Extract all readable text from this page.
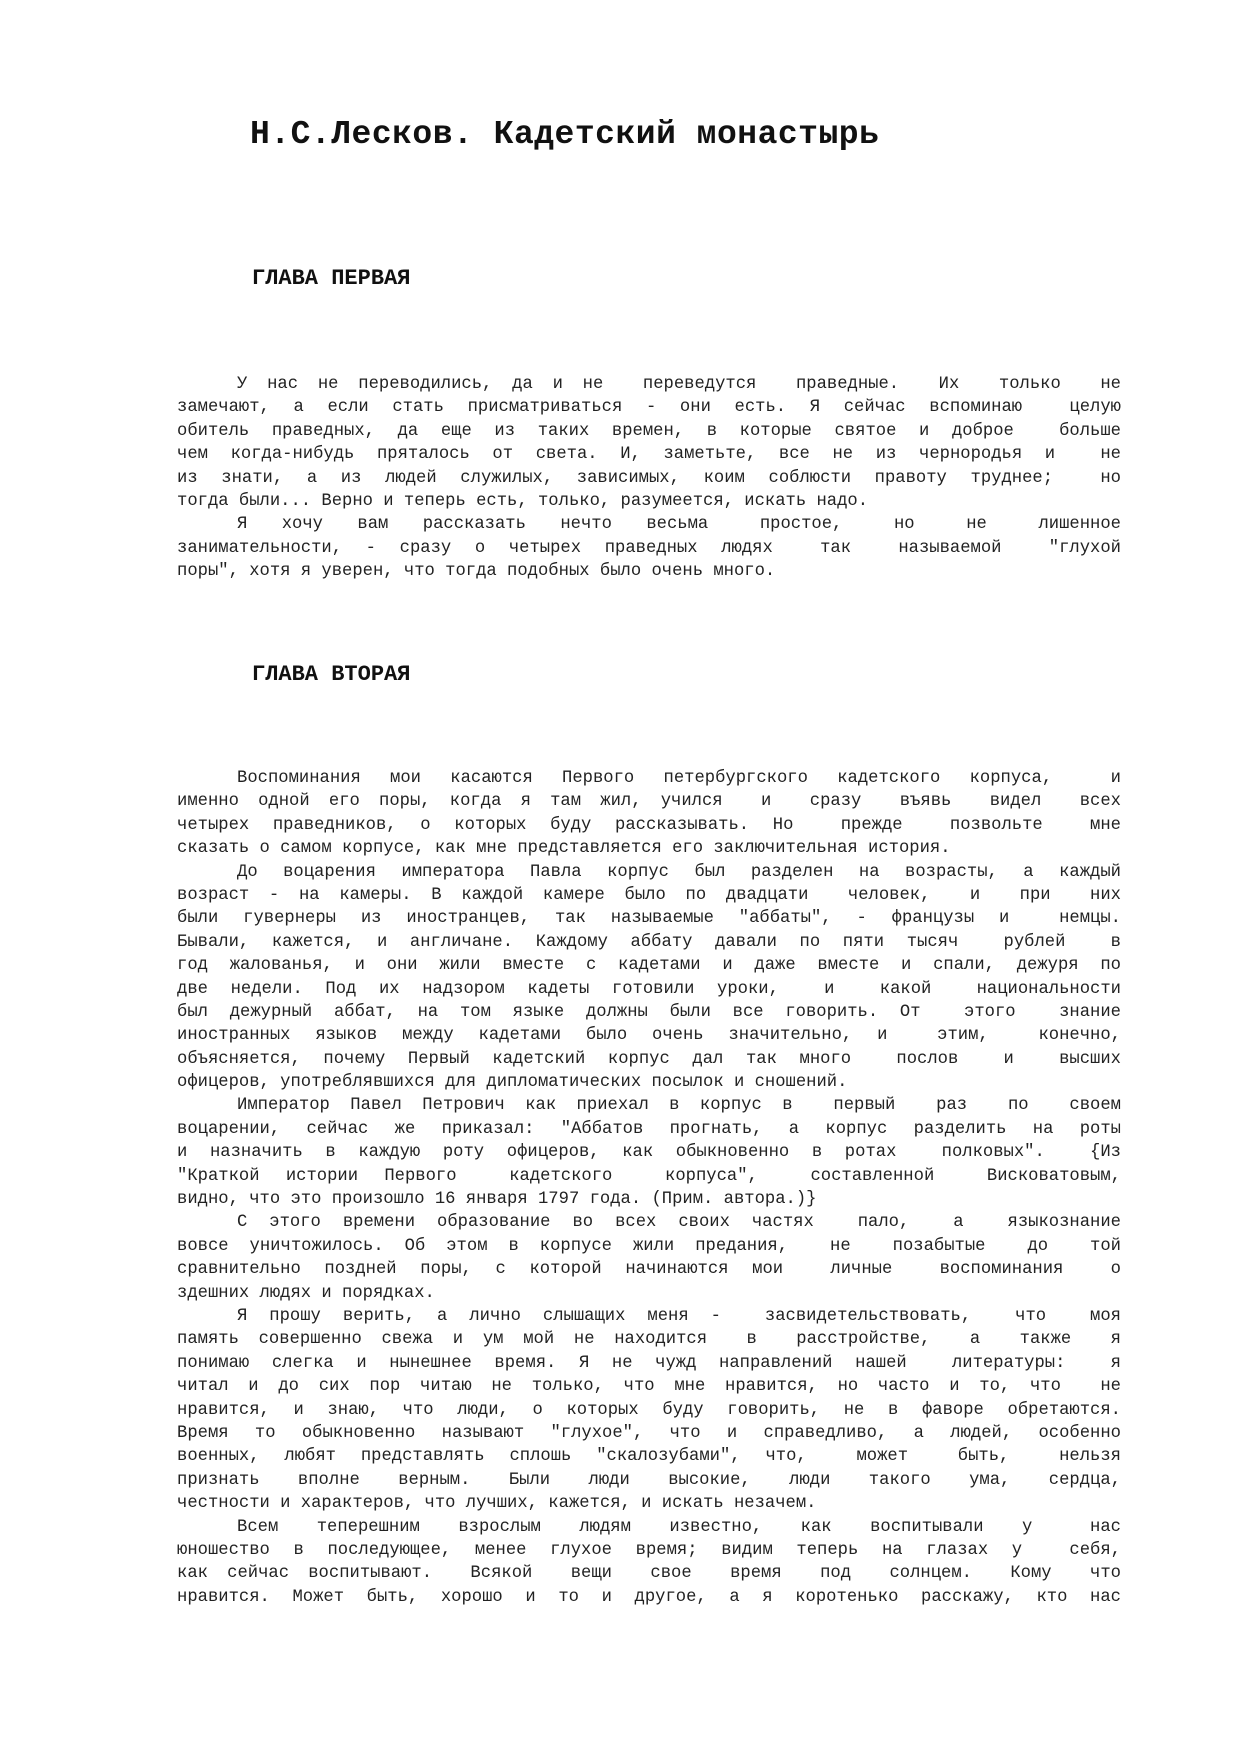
Н.С.Лесков. Кадетский монастырь
ГЛАВА ПЕРВАЯ
У нас не переводились, да и не  переведутся  праведные.  Их  только  не
замечают, а если стать присматриваться - они есть. Я сейчас вспоминаю  целую
обитель праведных, да еще из таких времен, в которые святое и доброе  больше
чем когда-нибудь пряталось от света. И, заметьте, все не из чернородья и  не
из знати, а из людей служилых, зависимых, коим соблюсти правоту труднее;  но
тогда были... Верно и теперь есть, только, разумеется, искать надо.
Я  хочу  вам  рассказать  нечто  весьма   простое,   но   не   лишенное
занимательности, - сразу о четырех праведных людях  так  называемой  "глухой
поры", хотя я уверен, что тогда подобных было очень много.
ГЛАВА ВТОРАЯ
Воспоминания мои касаются Первого петербургского кадетского корпуса,  и
именно одной его поры, когда я там жил, учился  и  сразу  въявь  видел  всех
четырех праведников, о которых буду рассказывать. Но  прежде  позвольте  мне
сказать о самом корпусе, как мне представляется его заключительная история.
До воцарения императора Павла корпус был разделен на возрасты, а каждый
возраст - на камеры. В каждой камере было по двадцати  человек,  и  при  них
были гувернеры из иностранцев, так называемые "аббаты", - французы и  немцы.
Бывали, кажется, и англичане. Каждому аббату давали по пяти тысяч  рублей  в
год жалованья, и они жили вместе с кадетами и даже вместе и спали, дежуря по
две недели. Под их надзором кадеты готовили уроки,  и  какой  национальности
был дежурный аббат, на том языке должны были все говорить. От  этого  знание
иностранных языков между кадетами было очень значительно, и  этим,  конечно,
объясняется, почему Первый кадетский корпус дал так много  послов  и  высших
офицеров, употреблявшихся для дипломатических посылок и сношений.
Император Павел Петрович как приехал в корпус в  первый  раз  по  своем
воцарении, сейчас же приказал: "Аббатов прогнать, а корпус разделить на роты
и назначить в каждую роту офицеров, как обыкновенно в ротах  полковых".  {Из
"Краткой истории Первого  кадетского  корпуса",  составленной  Висковатовым,
видно, что это произошло 16 января 1797 года. (Прим. автора.)}
С этого времени образование во всех своих частях  пало,  а  языкознание
вовсе уничтожилось. Об этом в корпусе жили предания,  не  позабытые  до  той
сравнительно поздней поры, с которой начинаются мои  личные  воспоминания  о
здешних людях и порядках.
Я прошу верить, а лично слышащих меня -  засвидетельствовать,  что  моя
память совершенно свежа и ум мой не находится  в  расстройстве,  а  также  я
понимаю слегка и нынешнее время. Я не чужд направлений нашей  литературы:  я
читал и до сих пор читаю не только, что мне нравится, но часто и то, что  не
нравится, и знаю, что люди, о которых буду говорить, не в фаворе обретаются.
Время то обыкновенно называют "глухое", что и справедливо, а людей, особенно
военных, любят представлять сплошь "скалозубами", что,  может  быть,  нельзя
признать  вполне  верным.  Были  люди  высокие,  люди  такого  ума,  сердца,
честности и характеров, что лучших, кажется, и искать незачем.
Всем  теперешним  взрослым  людям  известно,  как  воспитывали  у   нас
юношество в последующее, менее глухое время; видим теперь на глазах у  себя,
как сейчас воспитывают.  Всякой  вещи  свое  время  под  солнцем.  Кому  что
нравится. Может быть, хорошо и то и другое, а я коротенько расскажу, кто нас
